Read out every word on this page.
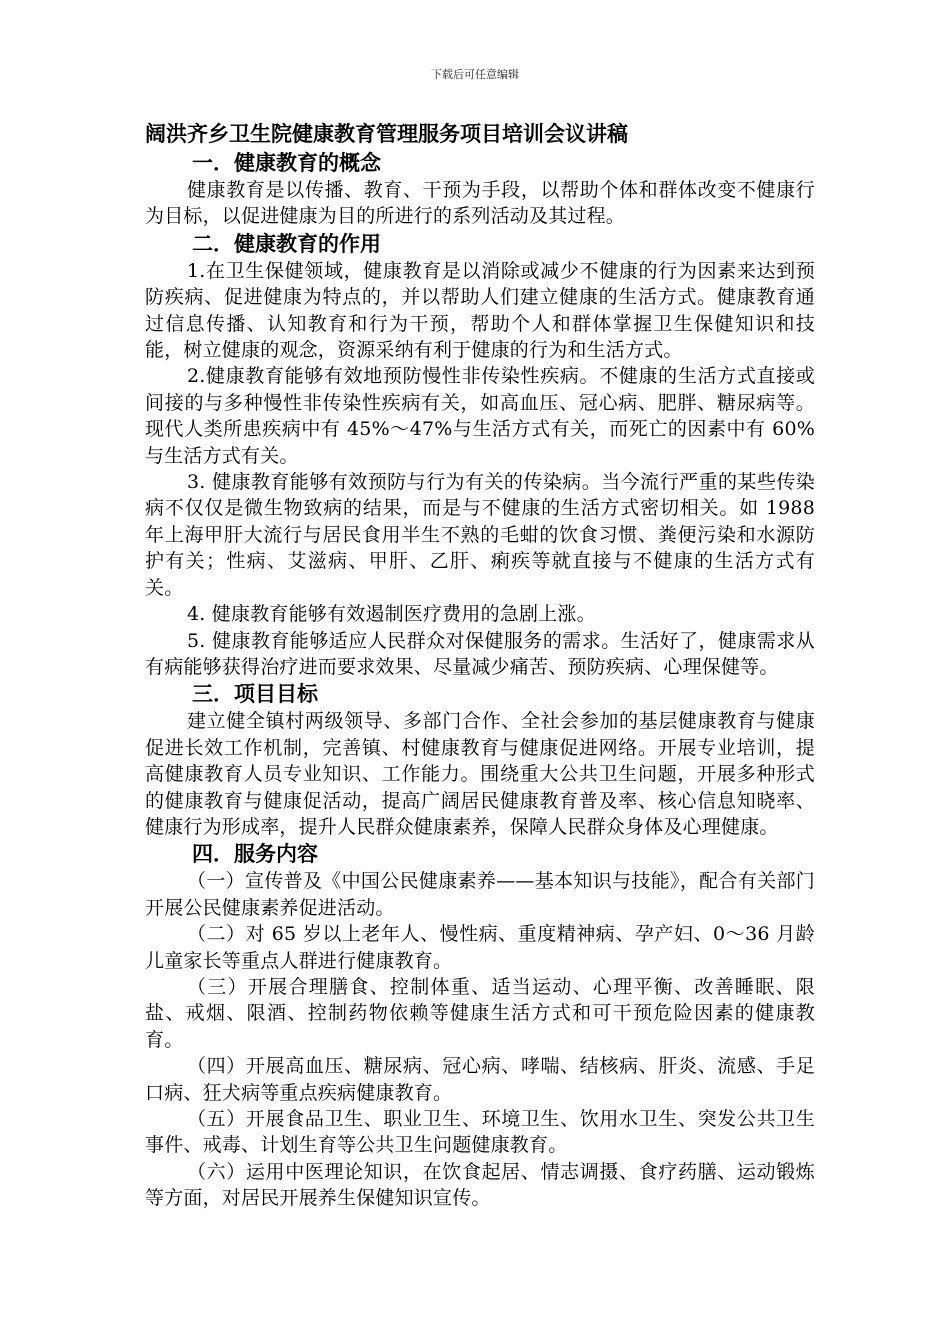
下载后可任意编辑
阔洪齐乡卫生院健康教育管理服务项目培训会议讲稿
一．健康教育的概念

健康教育是以传播、教育、干预为手段，以帮助个体和群体改变不健康行为目标，以促进健康为目的所进行的系列活动及其过程。

二．健康教育的作用

1.在卫生保健领域，健康教育是以消除或减少不健康的行为因素来达到预防疾病、促进健康为特点的，并以帮助人们建立健康的生活方式。健康教育通过信息传播、认知教育和行为干预，帮助个人和群体掌握卫生保健知识和技能，树立健康的观念，资源采纳有利于健康的行为和生活方式。

2.健康教育能够有效地预防慢性非传染性疾病。不健康的生活方式直接或间接的与多种慢性非传染性疾病有关，如高血压、冠心病、肥胖、糖尿病等。现代人类所患疾病中有 45%～47%与生活方式有关，而死亡的因素中有 60%与生活方式有关。

3. 健康教育能够有效预防与行为有关的传染病。当今流行严重的某些传染病不仅仅是微生物致病的结果，而是与不健康的生活方式密切相关。如 1988 年上海甲肝大流行与居民食用半生不熟的毛蚶的饮食习惯、粪便污染和水源防护有关；性病、艾滋病、甲肝、乙肝、痢疾等就直接与不健康的生活方式有关。

4. 健康教育能够有效遏制医疗费用的急剧上涨。

5. 健康教育能够适应人民群众对保健服务的需求。生活好了，健康需求从有病能够获得治疗进而要求效果、尽量减少痛苦、预防疾病、心理保健等。

三．项目目标

建立健全镇村两级领导、多部门合作、全社会参加的基层健康教育与健康促进长效工作机制，完善镇、村健康教育与健康促进网络。开展专业培训，提高健康教育人员专业知识、工作能力。围绕重大公共卫生问题，开展多种形式的健康教育与健康促活动，提高广阔居民健康教育普及率、核心信息知晓率、健康行为形成率，提升人民群众健康素养，保障人民群众身体及心理健康。

四．服务内容

（一）宣传普及《中国公民健康素养——基本知识与技能》，配合有关部门开展公民健康素养促进活动。

（二）对 65 岁以上老年人、慢性病、重度精神病、孕产妇、0～36 月龄儿童家长等重点人群进行健康教育。

（三）开展合理膳食、控制体重、适当运动、心理平衡、改善睡眠、限盐、戒烟、限酒、控制药物依赖等健康生活方式和可干预危险因素的健康教育。

（四）开展高血压、糖尿病、冠心病、哮喘、结核病、肝炎、流感、手足口病、狂犬病等重点疾病健康教育。

（五）开展食品卫生、职业卫生、环境卫生、饮用水卫生、突发公共卫生事件、戒毒、计划生育等公共卫生问题健康教育。

（六）运用中医理论知识，在饮食起居、情志调摄、食疗药膳、运动锻炼等方面，对居民开展养生保健知识宣传。
